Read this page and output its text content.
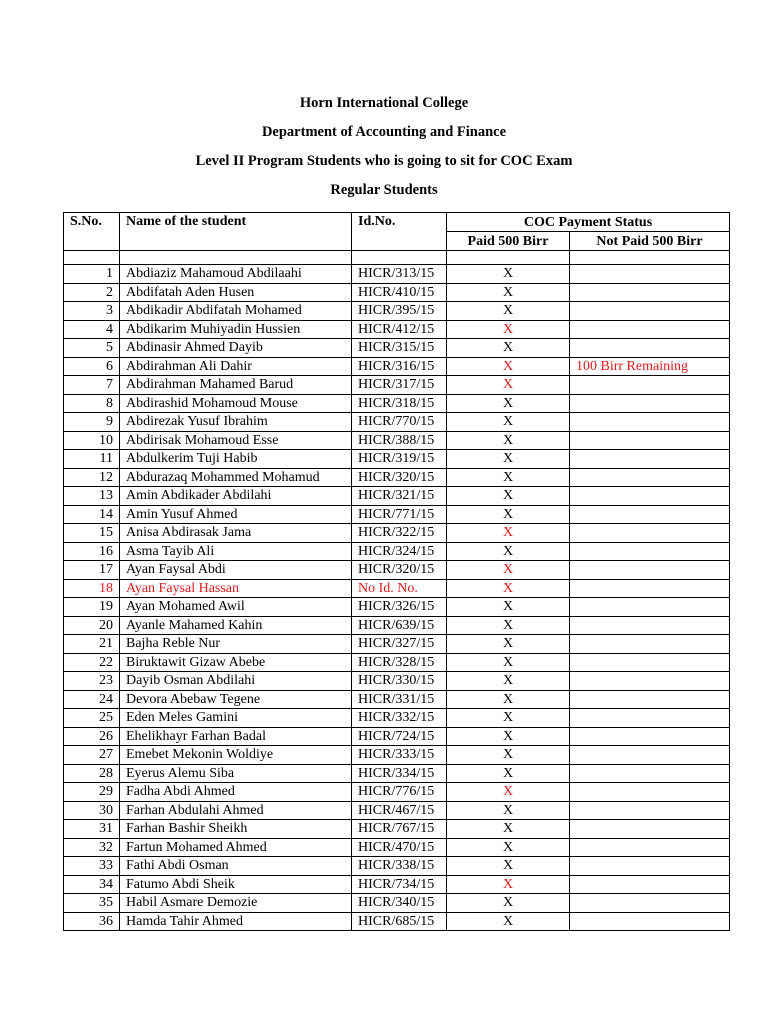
Horn International College
Department of Accounting and Finance
Level II Program Students who is going to sit for COC Exam
Regular Students
S.No.	Name of the student	Id.No.	COC Payment Status	
			Paid 500 Birr	Not Paid 500 Birr

1	Abdiaziz Mahamoud Abdilaahi	HICR/313/15	X	
2	Abdifatah Aden Husen	HICR/410/15	X	
3	Abdikadir Abdifatah Mohamed	HICR/395/15	X	
4	Abdikarim Muhiyadin Hussien	HICR/412/15	X	
5	Abdinasir Ahmed Dayib	HICR/315/15	X	
6	Abdirahman Ali Dahir	HICR/316/15	X	100 Birr Remaining
7	Abdirahman Mahamed Barud	HICR/317/15	X	
8	Abdirashid Mohamoud Mouse	HICR/318/15	X	
9	Abdirezak Yusuf Ibrahim	HICR/770/15	X	
10	Abdirisak Mohamoud Esse	HICR/388/15	X	
11	Abdulkerim Tuji Habib	HICR/319/15	X	
12	Abdurazaq Mohammed Mohamud	HICR/320/15	X	
13	Amin Abdikader Abdilahi	HICR/321/15	X	
14	Amin Yusuf Ahmed	HICR/771/15	X	
15	Anisa Abdirasak Jama	HICR/322/15	X	
16	Asma Tayib Ali	HICR/324/15	X	
17	Ayan Faysal Abdi	HICR/320/15	X	
18	Ayan Faysal Hassan	No Id. No.	X	
19	Ayan Mohamed Awil	HICR/326/15	X	
20	Ayanle Mahamed Kahin	HICR/639/15	X	
21	Bajha Reble Nur	HICR/327/15	X	
22	Biruktawit Gizaw Abebe	HICR/328/15	X	
23	Dayib Osman Abdilahi	HICR/330/15	X	
24	Devora Abebaw Tegene	HICR/331/15	X	
25	Eden Meles Gamini	HICR/332/15	X	
26	Ehelikhayr Farhan Badal	HICR/724/15	X	
27	Emebet Mekonin Woldiye	HICR/333/15	X	
28	Eyerus Alemu Siba	HICR/334/15	X	
29	Fadha Abdi Ahmed	HICR/776/15	X	
30	Farhan Abdulahi Ahmed	HICR/467/15	X	
31	Farhan Bashir Sheikh	HICR/767/15	X	
32	Fartun Mohamed Ahmed	HICR/470/15	X	
33	Fathi Abdi Osman	HICR/338/15	X	
34	Fatumo Abdi Sheik	HICR/734/15	X	
35	Habil Asmare Demozie	HICR/340/15	X	
36	Hamda Tahir Ahmed	HICR/685/15	X	
